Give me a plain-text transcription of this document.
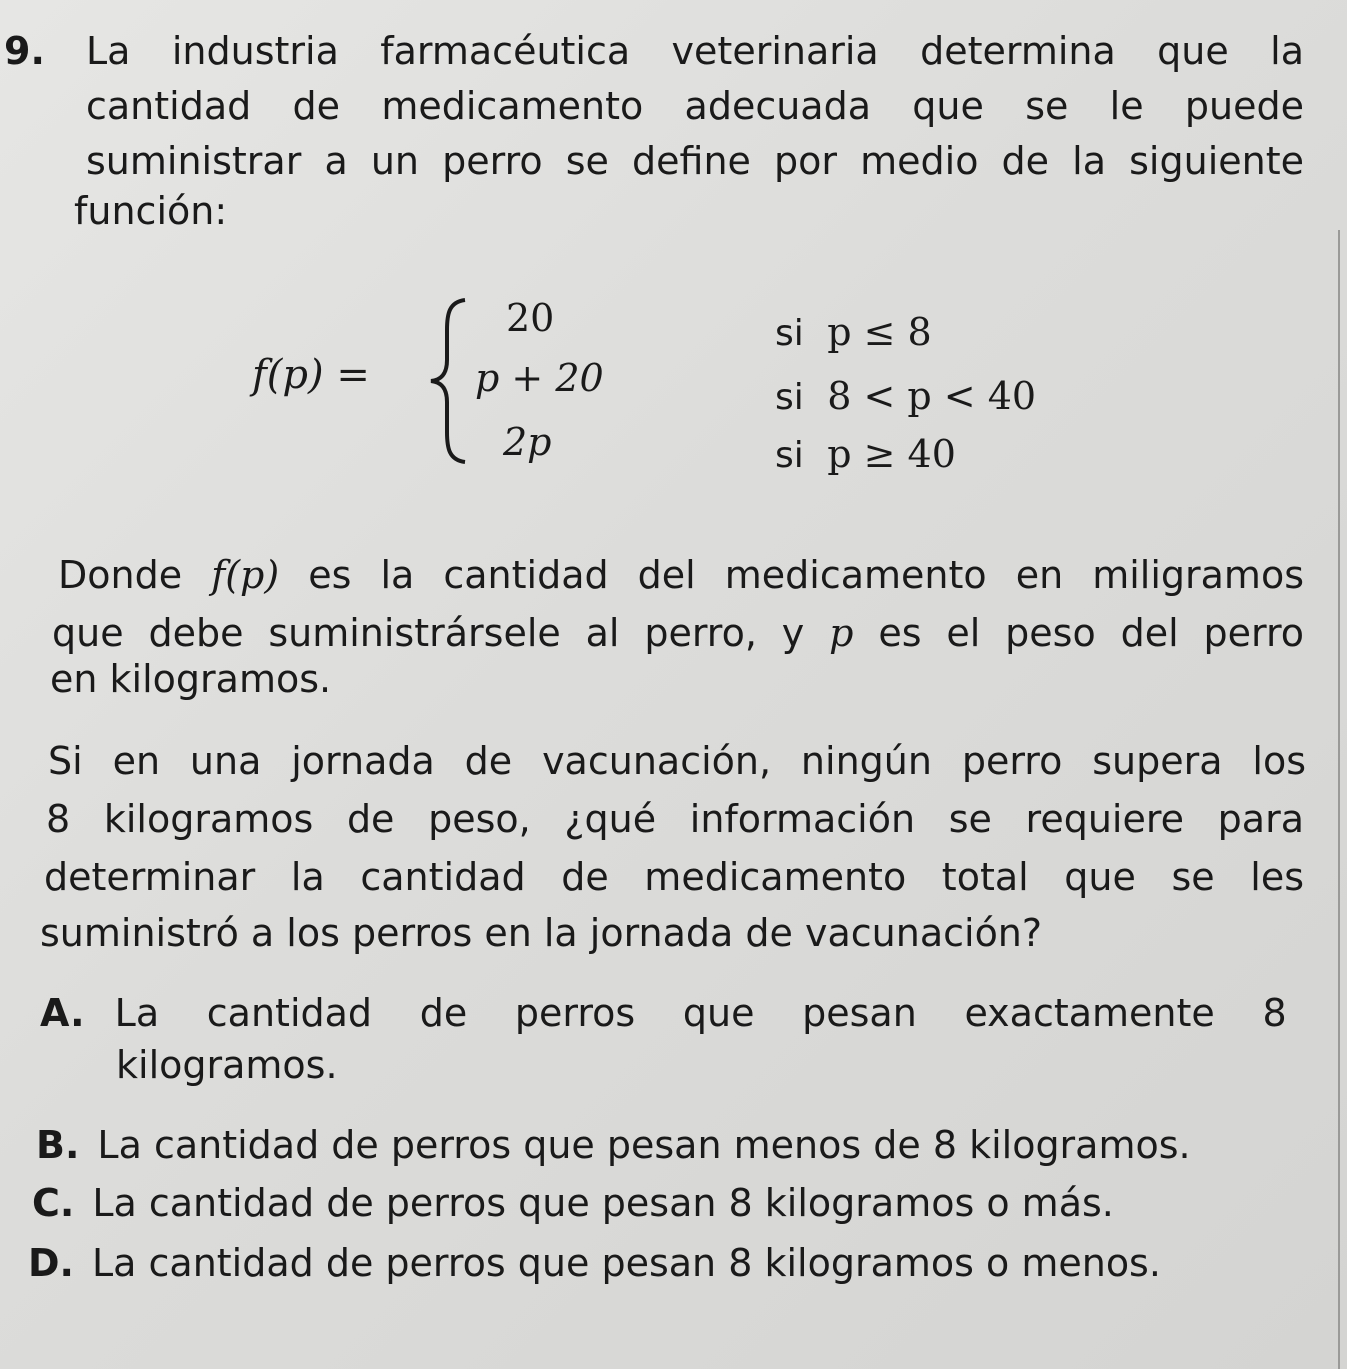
9. La industria farmacéutica veterinaria determina que la
cantidad de medicamento adecuada que se le puede
suministrar a un perro se define por medio de la siguiente
función:
f(p) =
20
p + 20
2p
si p ≤ 8
si 8 < p < 40
si p ≥ 40
Donde f(p) es la cantidad del medicamento en miligramos
que debe suministrársele al perro, y p es el peso del perro
en kilogramos.
Si en una jornada de vacunación, ningún perro supera los
8 kilogramos de peso, ¿qué información se requiere para
determinar la cantidad de medicamento total que se les
suministró a los perros en la jornada de vacunación?
A. La cantidad de perros que pesan exactamente 8
kilogramos.
B. La cantidad de perros que pesan menos de 8 kilogramos.
C. La cantidad de perros que pesan 8 kilogramos o más.
D. La cantidad de perros que pesan 8 kilogramos o menos.
